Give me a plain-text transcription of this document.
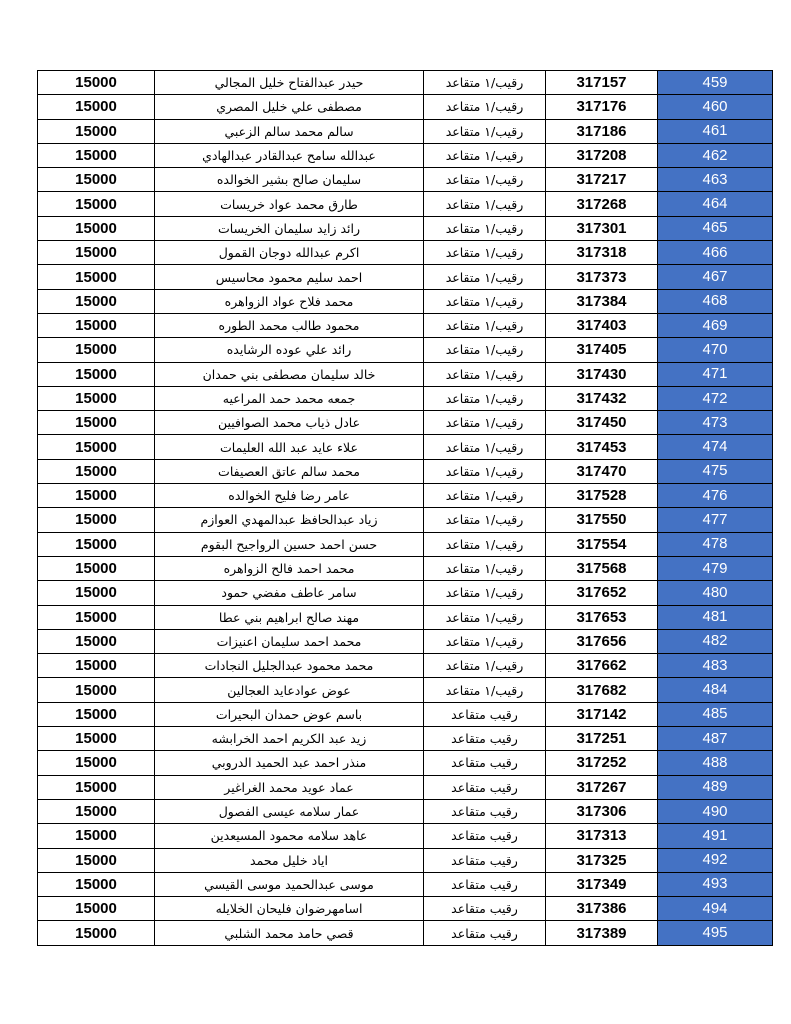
15000	حيدر عبدالفتاح خليل المجالي	رقيب/١ متقاعد	317157	459

15000	مصطفى علي خليل المصري	رقيب/١ متقاعد	317176	460

15000	سالم محمد سالم الزعبي	رقيب/١ متقاعد	317186	461

15000	عبدالله سامح عبدالقادر عبدالهادي	رقيب/١ متقاعد	317208	462

15000	سليمان صالح بشير الخوالده	رقيب/١ متقاعد	317217	463

15000	طارق محمد عواد خريسات	رقيب/١ متقاعد	317268	464

15000	رائد زايد سليمان الخريسات	رقيب/١ متقاعد	317301	465

15000	اكرم عبدالله دوجان القمول	رقيب/١ متقاعد	317318	466

15000	احمد سليم محمود محاسيس	رقيب/١ متقاعد	317373	467

15000	محمد فلاح عواد الزواهره	رقيب/١ متقاعد	317384	468

15000	محمود طالب محمد الطوره	رقيب/١ متقاعد	317403	469

15000	رائد علي عوده الرشايده	رقيب/١ متقاعد	317405	470

15000	خالد سليمان مصطفى بني حمدان	رقيب/١ متقاعد	317430	471

15000	جمعه محمد حمد المراعيه	رقيب/١ متقاعد	317432	472

15000	عادل ذياب محمد الصوافيين	رقيب/١ متقاعد	317450	473

15000	علاء عايد عبد الله العليمات	رقيب/١ متقاعد	317453	474

15000	محمد سالم عاتق العصيفات	رقيب/١ متقاعد	317470	475

15000	عامر رضا فليح الخوالده	رقيب/١ متقاعد	317528	476

15000	زياد عبدالحافظ عبدالمهدي العوازم	رقيب/١ متقاعد	317550	477

15000	حسن احمد حسين الرواجيح البقوم	رقيب/١ متقاعد	317554	478

15000	محمد احمد فالح الزواهره	رقيب/١ متقاعد	317568	479

15000	سامر عاطف مفضي حمود	رقيب/١ متقاعد	317652	480

15000	مهند صالح ابراهيم بني عطا	رقيب/١ متقاعد	317653	481

15000	محمد احمد سليمان اعنيزات	رقيب/١ متقاعد	317656	482

15000	محمد محمود عبدالجليل النجادات	رقيب/١ متقاعد	317662	483

15000	عوض عوادعايد العجالين	رقيب/١ متقاعد	317682	484

15000	باسم عوض حمدان البحيرات	رقيب متقاعد	317142	485

15000	زيد عبد الكريم احمد الخرابشه	رقيب متقاعد	317251	487

15000	منذر احمد عبد الحميد الدروبي	رقيب متقاعد	317252	488

15000	عماد عويد محمد الغراغير	رقيب متقاعد	317267	489

15000	عمار سلامه عيسى الفصول	رقيب متقاعد	317306	490

15000	عاهد سلامه محمود المسيعدين	رقيب متقاعد	317313	491

15000	اياد خليل محمد	رقيب متقاعد	317325	492

15000	موسى عبدالحميد موسى القيسي	رقيب متقاعد	317349	493

15000	اسامهرضوان فليحان الخلايله	رقيب متقاعد	317386	494

15000	قصي حامد محمد الشلبي	رقيب متقاعد	317389	495
